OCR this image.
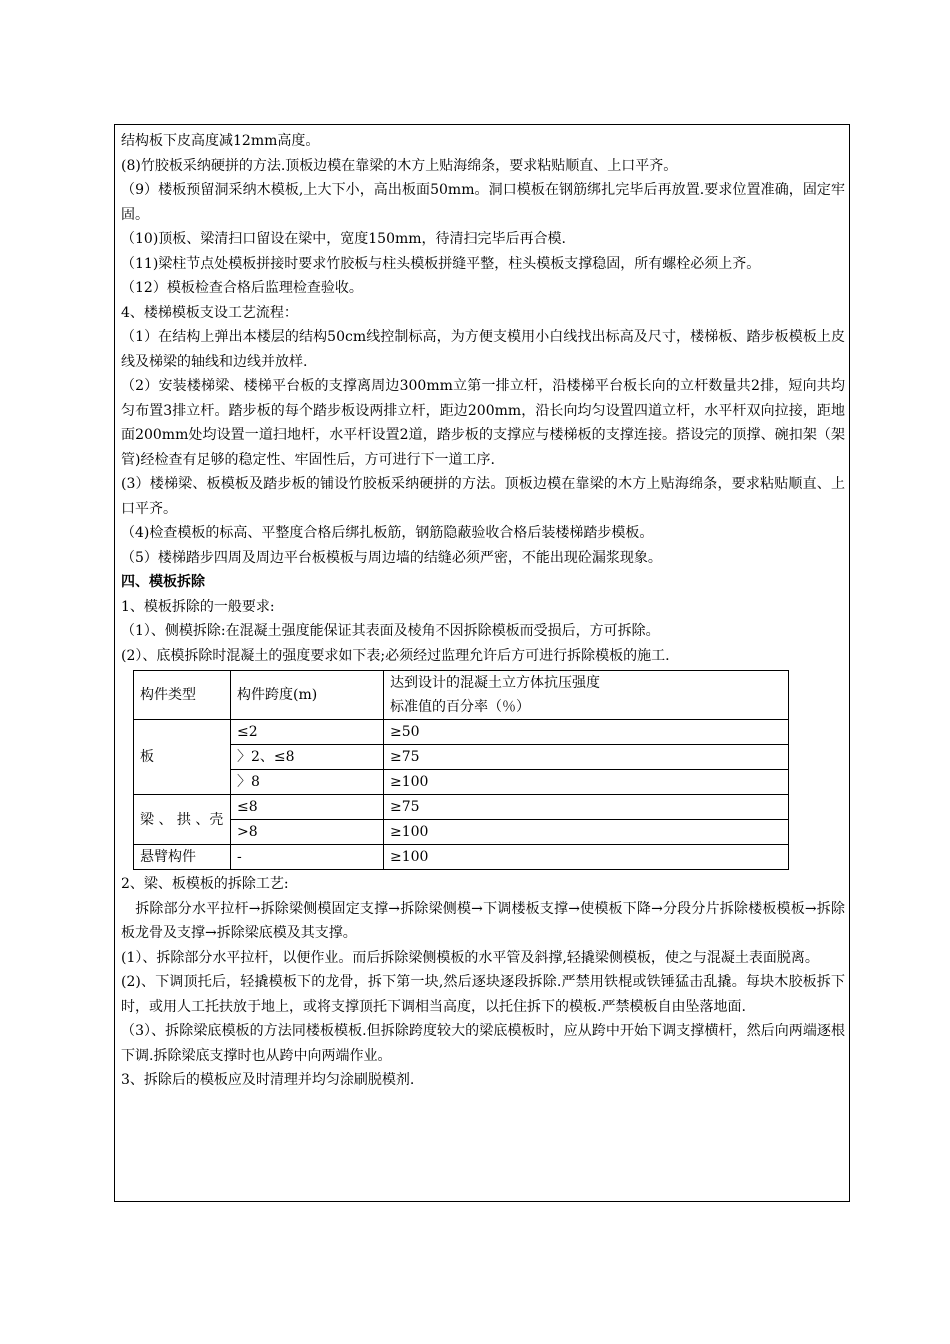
结构板下皮高度减12mm高度。

(8)竹胶板采纳硬拼的方法.顶板边模在靠梁的木方上贴海绵条，要求粘贴顺直、上口平齐。

（9）楼板预留洞采纳木模板,上大下小，高出板面50mm。洞口模板在钢筋绑扎完毕后再放置.要求位置准确，固定牢固。

（10)顶板、梁清扫口留设在梁中，宽度150mm，待清扫完毕后再合模.

（11)梁柱节点处模板拼接时要求竹胶板与柱头模板拼缝平整，柱头模板支撑稳固，所有螺栓必须上齐。

（12）模板检查合格后监理检查验收。

4、楼梯模板支设工艺流程：

（1）在结构上弹出本楼层的结构50cm线控制标高，为方便支模用小白线找出标高及尺寸，楼梯板、踏步板模板上皮线及梯梁的轴线和边线并放样.

（2）安装楼梯梁、楼梯平台板的支撑离周边300mm立第一排立杆，沿楼梯平台板长向的立杆数量共2排，短向共均匀布置3排立杆。踏步板的每个踏步板设两排立杆，距边200mm，沿长向均匀设置四道立杆，水平杆双向拉接，距地面200mm处均设置一道扫地杆，水平杆设置2道，踏步板的支撑应与楼梯板的支撑连接。搭设完的顶撑、碗扣架（架管)经检查有足够的稳定性、牢固性后，方可进行下一道工序.

(3）楼梯梁、板模板及踏步板的铺设竹胶板采纳硬拼的方法。顶板边模在靠梁的木方上贴海绵条，要求粘贴顺直、上口平齐。

（4)检查模板的标高、平整度合格后绑扎板筋，钢筋隐蔽验收合格后装楼梯踏步模板。

（5）楼梯踏步四周及周边平台板模板与周边墙的结缝必须严密，不能出现砼漏浆现象。

四、模板拆除

1、模板拆除的一般要求:

（1）、侧模拆除:在混凝土强度能保证其表面及棱角不因拆除模板而受损后，方可拆除。

(2）、底模拆除时混凝土的强度要求如下表;必须经过监理允许后方可进行拆除模板的施工.

构件类型	构件跨度(m)	达到设计的混凝土立方体抗压强度
标准值的百分率（％）

板	≤2	≥50
	〉2、≤8	≥75
	〉8	≥100
梁 、 拱 、壳	≤8	≥75
	>8	≥100
悬臂构件	-	≥100

2、梁、板模板的拆除工艺:

　拆除部分水平拉杆→拆除梁侧模固定支撑→拆除梁侧模→下调楼板支撑→使模板下降→分段分片拆除楼板模板→拆除板龙骨及支撑→拆除梁底模及其支撑。

(1）、拆除部分水平拉杆，以便作业。而后拆除梁侧模板的水平管及斜撑,轻撬梁侧模板，使之与混凝土表面脱离。

(2)、下调顶托后，轻撬模板下的龙骨，拆下第一块,然后逐块逐段拆除.严禁用铁棍或铁锤猛击乱撬。每块木胶板拆下时，或用人工托扶放于地上，或将支撑顶托下调相当高度，以托住拆下的模板.严禁模板自由坠落地面.

（3）、拆除梁底模板的方法同楼板模板.但拆除跨度较大的梁底模板时，应从跨中开始下调支撑横杆，然后向两端逐根下调.拆除梁底支撑时也从跨中向两端作业。

3、拆除后的模板应及时清理并均匀涂刷脱模剂.
